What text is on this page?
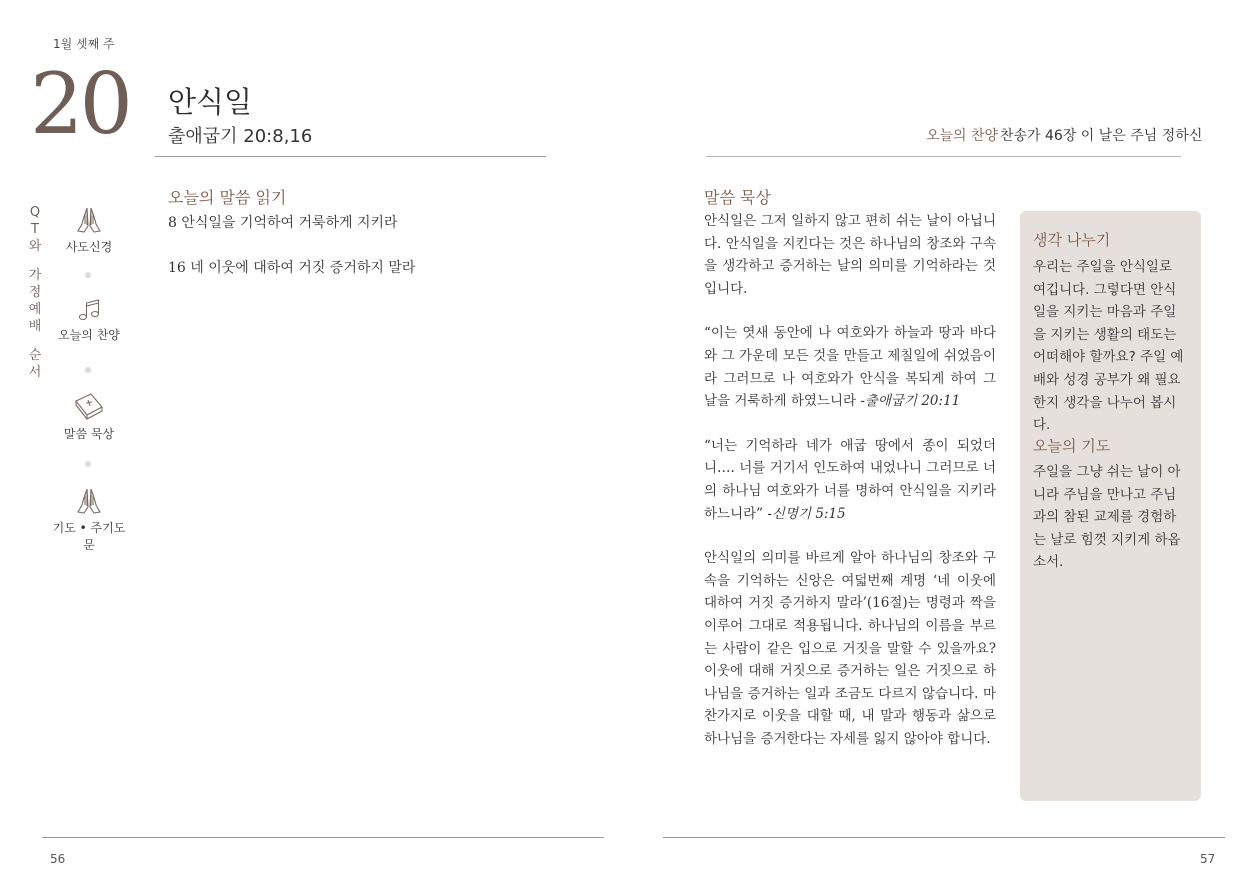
1월 셋째 주
20 안식일
출애굽기 20:8,16	오늘의 찬양 찬송가 46장 이 날은 주님 정하신
Q
T
와
가
정
예
배
순
서
사도신경
오늘의 찬양
말씀 묵상
기도 • 주기도문
오늘의 말씀 읽기
8 안식일을 기억하여 거룩하게 지키라
16 네 이웃에 대하여 거짓 증거하지 말라
말씀 묵상

안식일은 그저 일하지 않고 편히 쉬는 날이 아닙니다. 안식일을 지킨다는 것은 하나님의 창조와 구속을 생각하고 증거하는 날의 의미를 기억하라는 것입니다.

“이는 엿새 동안에 나 여호와가 하늘과 땅과 바다와 그 가운데 모든 것을 만들고 제칠일에 쉬었음이라 그러므로 나 여호와가 안식을 복되게 하여 그 날을 거룩하게 하였느니라 -출애굽기 20:11

“너는 기억하라 네가 애굽 땅에서 종이 되었더니…. 너를 거기서 인도하여 내었나니 그러므로 너의 하나님 여호와가 너를 명하여 안식일을 지키라 하느니라” -신명기 5:15

안식일의 의미를 바르게 알아 하나님의 창조와 구속을 기억하는 신앙은 여덟번째 계명 ‘네 이웃에 대하여 거짓 증거하지 말라’(16절)는 명령과 짝을 이루어 그대로 적용됩니다. 하나님의 이름을 부르는 사람이 같은 입으로 거짓을 말할 수 있을까요? 이웃에 대해 거짓으로 증거하는 일은 거짓으로 하나님을 증거하는 일과 조금도 다르지 않습니다. 마찬가지로 이웃을 대할 때, 내 말과 행동과 삶으로 하나님을 증거한다는 자세를 잃지 않아야 합니다.

생각 나누기
우리는 주일을 안식일로 여깁니다. 그렇다면 안식일을 지키는 마음과 주일을 지키는 생활의 태도는 어떠해야 할까요? 주일 예배와 성경 공부가 왜 필요한지 생각을 나누어 봅시다.
오늘의 기도
주일을 그냥 쉬는 날이 아니라 주님을 만나고 주님과의 참된 교제를 경험하는 날로 힘껏 지키게 하옵소서.
56	57
